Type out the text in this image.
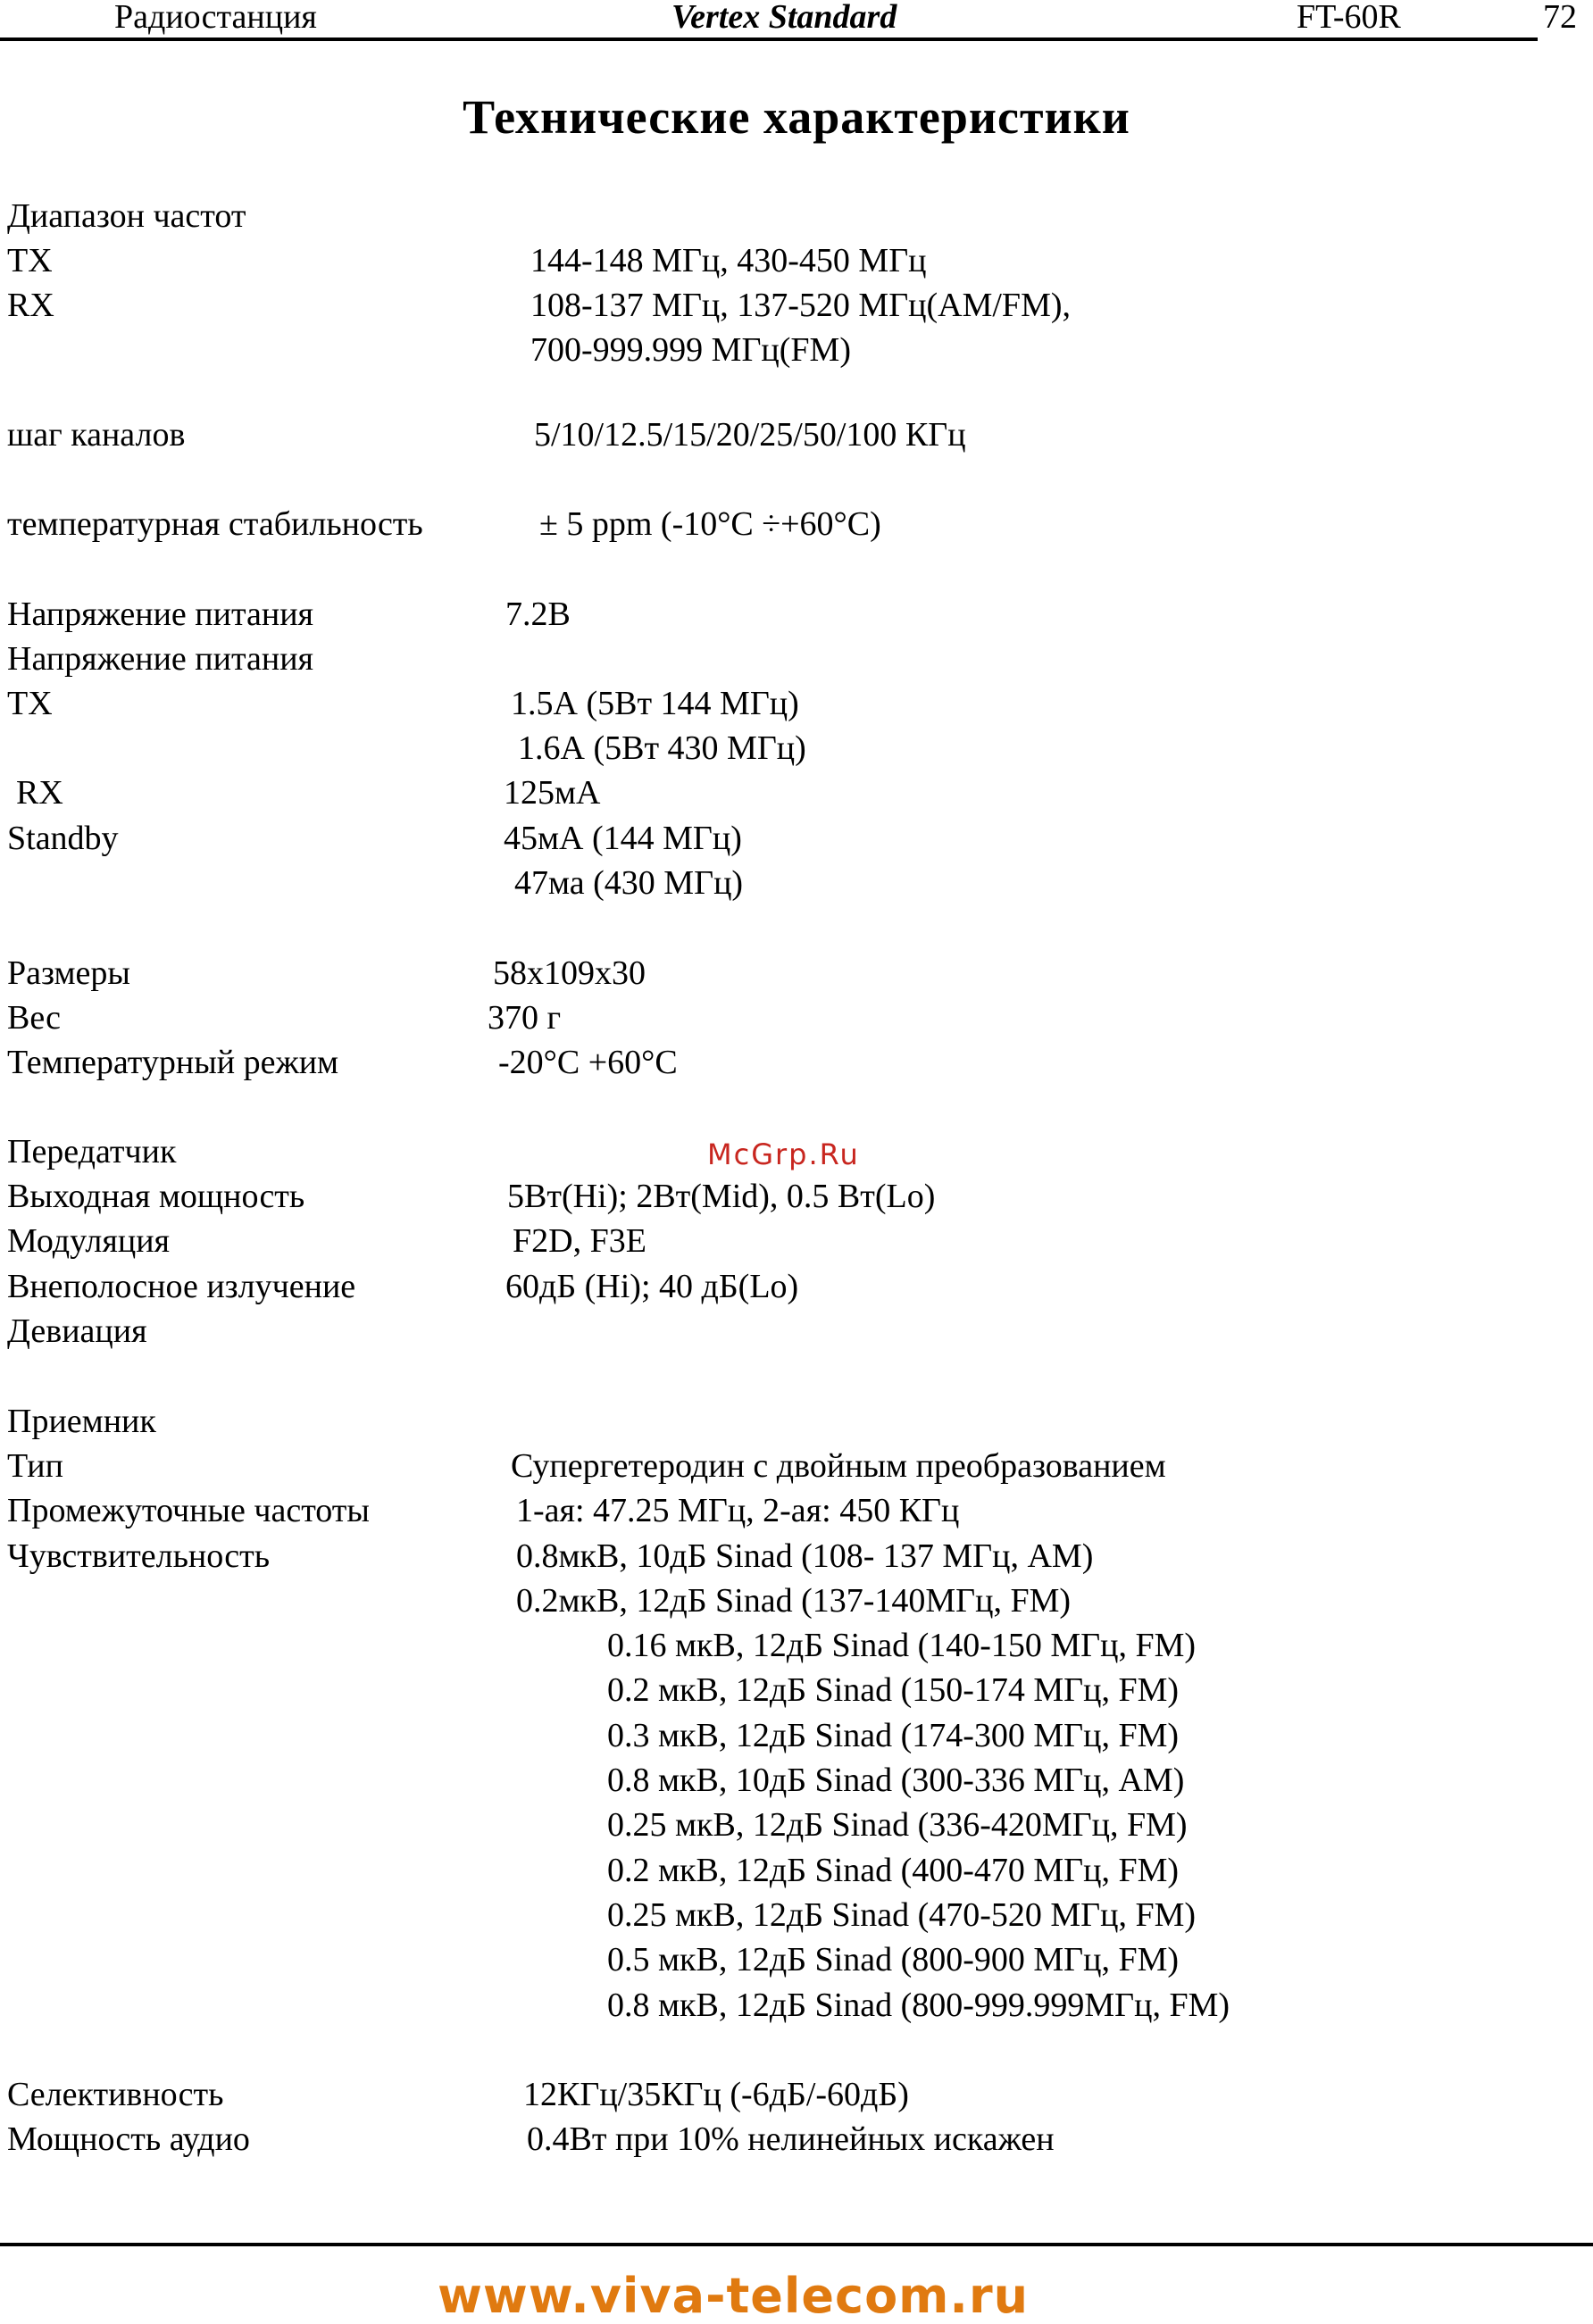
Радиостанция	Vertex Standard	FT-60R	72
Технические характеристики
Диапазон частот
TX	144-148 МГц, 430-450 МГц
RX	108-137 МГц, 137-520 МГц(AM/FM),
700-999.999 МГц(FM)
шаг каналов	5/10/12.5/15/20/25/50/100 КГц
температурная стабильность	± 5 ppm (-10°C ÷+60°C)
Напряжение питания	7.2В
Напряжение питания
TX	1.5А (5Вт 144 МГц)
1.6А (5Вт 430 МГц)
RX	125мА
Standby	45мА (144 МГц)
47ма (430 МГц)
Размеры	58x109x30
Вес	370 г
Температурный режим	-20°C +60°C
McGrp.Ru
Передатчик
Выходная мощность	5Вт(Hi); 2Вт(Mid), 0.5 Вт(Lo)
Модуляция	F2D, F3E
Внеполосное излучение	60дБ (Hi); 40 дБ(Lo)
Девиация
Приемник
Тип	Супергетеродин с двойным преобразованием
Промежуточные частоты	1-ая: 47.25 МГц, 2-ая: 450 КГц
Чувствительность	0.8мкВ, 10дБ Sinad (108- 137 МГц, AM)
0.2мкВ, 12дБ Sinad (137-140МГц, FM)
0.16 мкВ, 12дБ Sinad (140-150 МГц, FM)
0.2 мкВ, 12дБ Sinad (150-174 МГц, FM)
0.3 мкВ, 12дБ Sinad (174-300 МГц, FM)
0.8 мкВ, 10дБ Sinad (300-336 МГц, AM)
0.25 мкВ, 12дБ Sinad (336-420МГц, FM)
0.2 мкВ, 12дБ Sinad (400-470 МГц, FM)
0.25 мкВ, 12дБ Sinad (470-520 МГц, FM)
0.5 мкВ, 12дБ Sinad (800-900 МГц, FM)
0.8 мкВ, 12дБ Sinad (800-999.999МГц, FM)
Селективность	12КГц/35КГц (-6дБ/-60дБ)
Мощность аудио	0.4Вт при 10% нелинейных искажен
www.viva-telecom.ru
